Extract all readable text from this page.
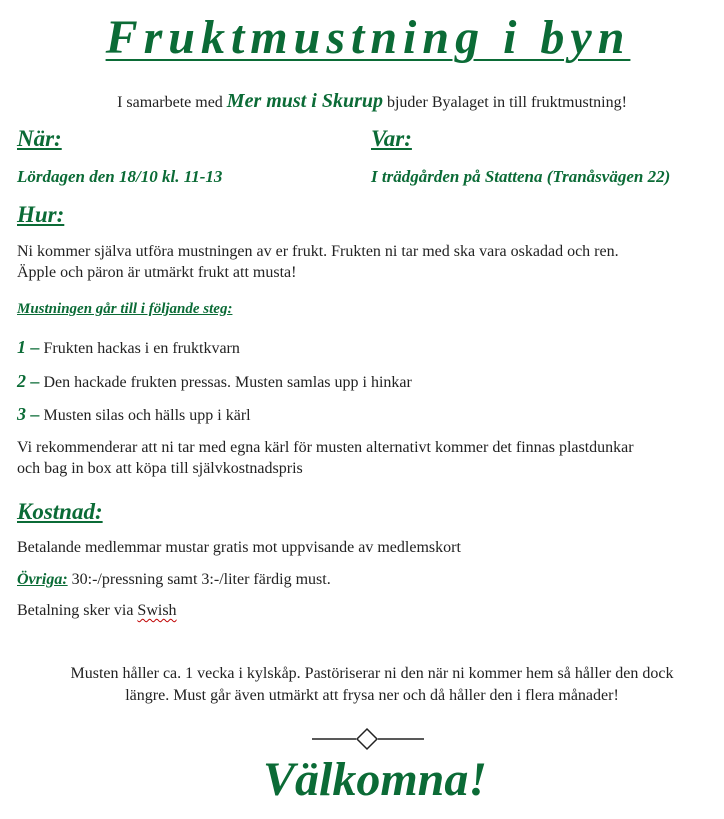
Fruktmustning i byn
I samarbete med Mer must i Skurup bjuder Byalaget in till fruktmustning!
När:	Var:
Lördagen den 18/10 kl. 11-13	I trädgården på Stattena (Tranåsvägen 22)
Hur:
Ni kommer själva utföra mustningen av er frukt. Frukten ni tar med ska vara oskadad och ren.
Äpple och päron är utmärkt frukt att musta!
Mustningen går till i följande steg:
1 – Frukten hackas i en fruktkvarn
2 – Den hackade frukten pressas. Musten samlas upp i hinkar
3 – Musten silas och hälls upp i kärl
Vi rekommenderar att ni tar med egna kärl för musten alternativt kommer det finnas plastdunkar
och bag in box att köpa till självkostnadspris
Kostnad:
Betalande medlemmar mustar gratis mot uppvisande av medlemskort
Övriga: 30:-/pressning samt 3:-/liter färdig must.
Betalning sker via Swish
Musten håller ca. 1 vecka i kylskåp. Pastöriserar ni den när ni kommer hem så håller den dock
längre. Must går även utmärkt att frysa ner och då håller den i flera månader!
Välkomna!
